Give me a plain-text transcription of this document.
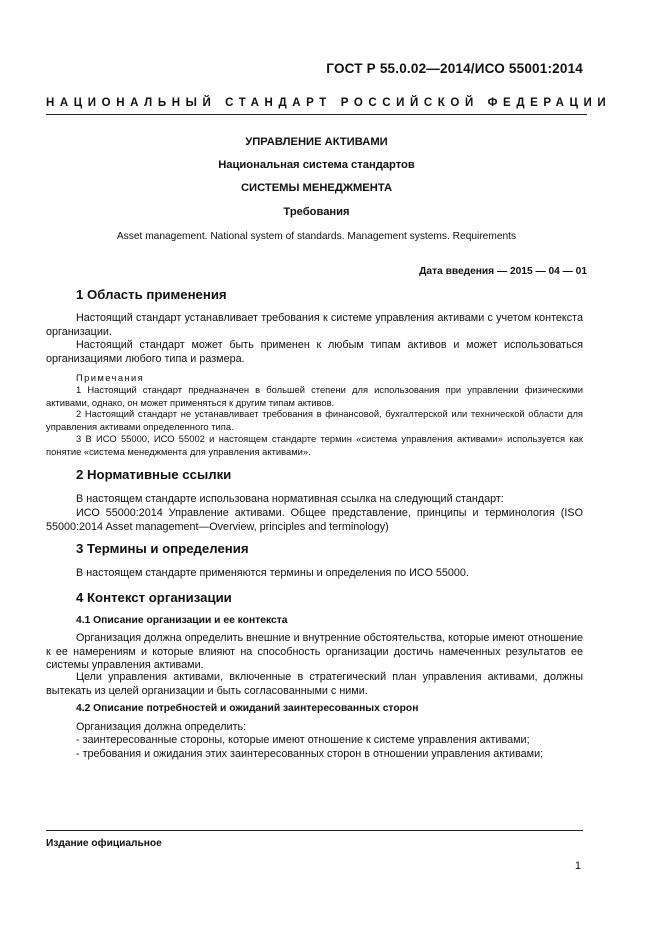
ГОСТ Р 55.0.02—2014/ИСО 55001:2014
НАЦИОНАЛЬНЫЙ СТАНДАРТ РОССИЙСКОЙ ФЕДЕРАЦИИ
УПРАВЛЕНИЕ АКТИВАМИ
Национальная система стандартов
СИСТЕМЫ МЕНЕДЖМЕНТА
Требования
Asset management. National system of standards. Management systems. Requirements
Дата введения — 2015 — 04 — 01
1 Область применения
Настоящий стандарт устанавливает требования к системе управления активами с учетом контекста организации.
Настоящий стандарт может быть применен к любым типам активов и может использоваться организациями любого типа и размера.
Примечания
1 Настоящий стандарт предназначен в большей степени для использования при управлении физическими активами, однако, он может применяться к другим типам активов.
2 Настоящий стандарт не устанавливает требования в финансовой, бухгалтерской или технической области для управления активами определенного типа.
3 В ИСО 55000, ИСО 55002 и настоящем стандарте термин «система управления активами» используется как понятие «система менеджмента для управления активами».
2 Нормативные ссылки
В настоящем стандарте использована нормативная ссылка на следующий стандарт:
ИСО 55000:2014 Управление активами. Общее представление, принципы и терминология (ISO 55000:2014 Asset management—Overview, principles and terminology)
3 Термины и определения
В настоящем стандарте применяются термины и определения по ИСО 55000.
4 Контекст организации
4.1 Описание организации и ее контекста
Организация должна определить внешние и внутренние обстоятельства, которые имеют отношение к ее намерениям и которые влияют на способность организации достичь намеченных результатов ее системы управления активами.
Цели управления активами, включенные в стратегический план управления активами, должны вытекать из целей организации и быть согласованными с ними.
4.2 Описание потребностей и ожиданий заинтересованных сторон
Организация должна определить:
- заинтересованные стороны, которые имеют отношение к системе управления активами;
- требования и ожидания этих заинтересованных сторон в отношении управления активами;
Издание официальное
1
